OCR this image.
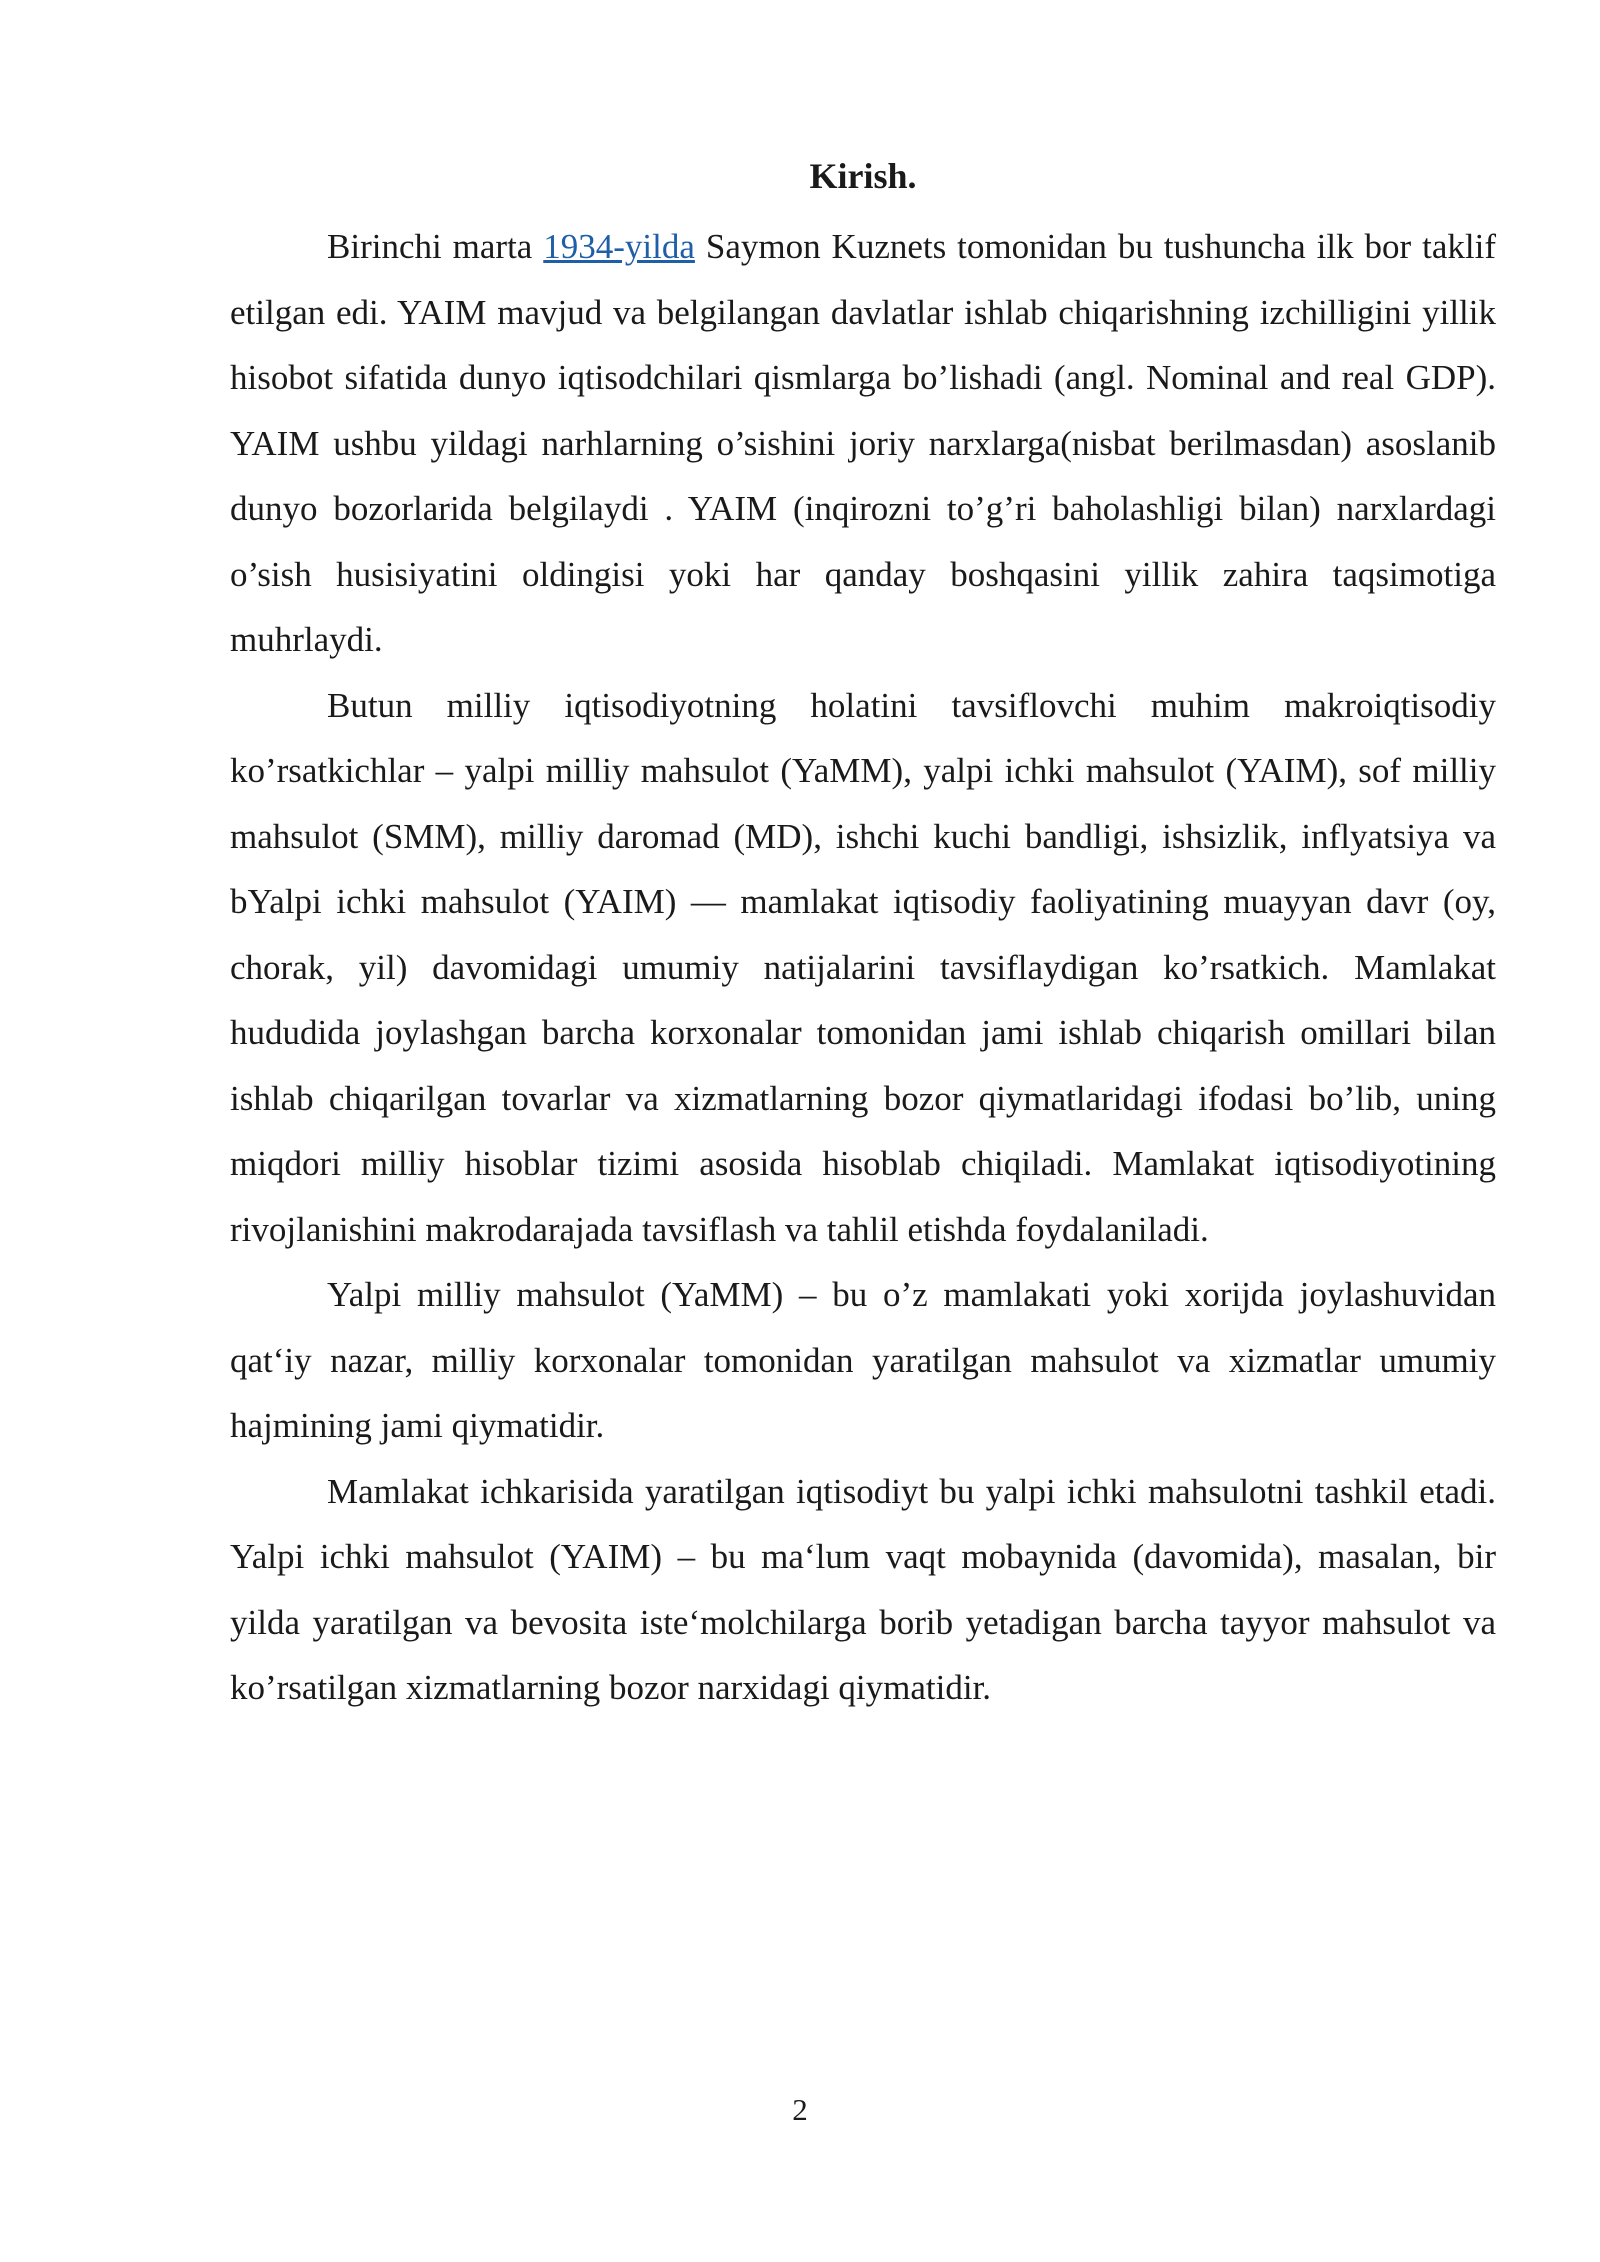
Kirish.

Birinchi marta 1934-yilda Saymon Kuznets tomonidan bu tushuncha ilk bor taklif etilgan edi. YAIM mavjud va belgilangan davlatlar ishlab chiqarishning izchilligini yillik hisobot sifatida dunyo iqtisodchilari qismlarga bo’lishadi (angl. Nominal and real GDP). YAIM ushbu yildagi narhlarning o’sishini joriy narxlarga(nisbat berilmasdan) asoslanib dunyo bozorlarida belgilaydi . YAIM (inqirozni to’g’ri baholashligi bilan) narxlardagi o’sish husisiyatini oldingisi yoki har qanday boshqasini yillik zahira taqsimotiga muhrlaydi.

Butun milliy iqtisodiyotning holatini tavsiflovchi muhim makroiqtisodiy ko’rsatkichlar – yalpi milliy mahsulot (YaMM), yalpi ichki mahsulot (YAIM), sof milliy mahsulot (SMM), milliy daromad (MD), ishchi kuchi bandligi, ishsizlik, inflyatsiya va bYalpi ichki mahsulot (YAIM) — mamlakat iqtisodiy faoliyatining muayyan davr (oy, chorak, yil) davomidagi umumiy natijalarini tavsiflaydigan ko’rsatkich. Mamlakat hududida joylashgan barcha korxonalar tomonidan jami ishlab chiqarish omillari bilan ishlab chiqarilgan tovarlar va xizmatlarning bozor qiymatlaridagi ifodasi bo’lib, uning miqdori milliy hisoblar tizimi asosida hisoblab chiqiladi. Mamlakat iqtisodiyotining rivojlanishini makrodarajada tavsiflash va tahlil etishda foydalaniladi.

Yalpi milliy mahsulot (YaMM) – bu o’z mamlakati yoki xorijda joylashuvidan qat‘iy nazar, milliy korxonalar tomonidan yaratilgan mahsulot va xizmatlar umumiy hajmining jami qiymatidir.

Mamlakat ichkarisida yaratilgan iqtisodiyt bu yalpi ichki mahsulotni tashkil etadi. Yalpi ichki mahsulot (YAIM) – bu ma‘lum vaqt mobaynida (davomida), masalan, bir yilda yaratilgan va bevosita iste‘molchilarga borib yetadigan barcha tayyor mahsulot va ko’rsatilgan xizmatlarning bozor narxidagi qiymatidir.

2
